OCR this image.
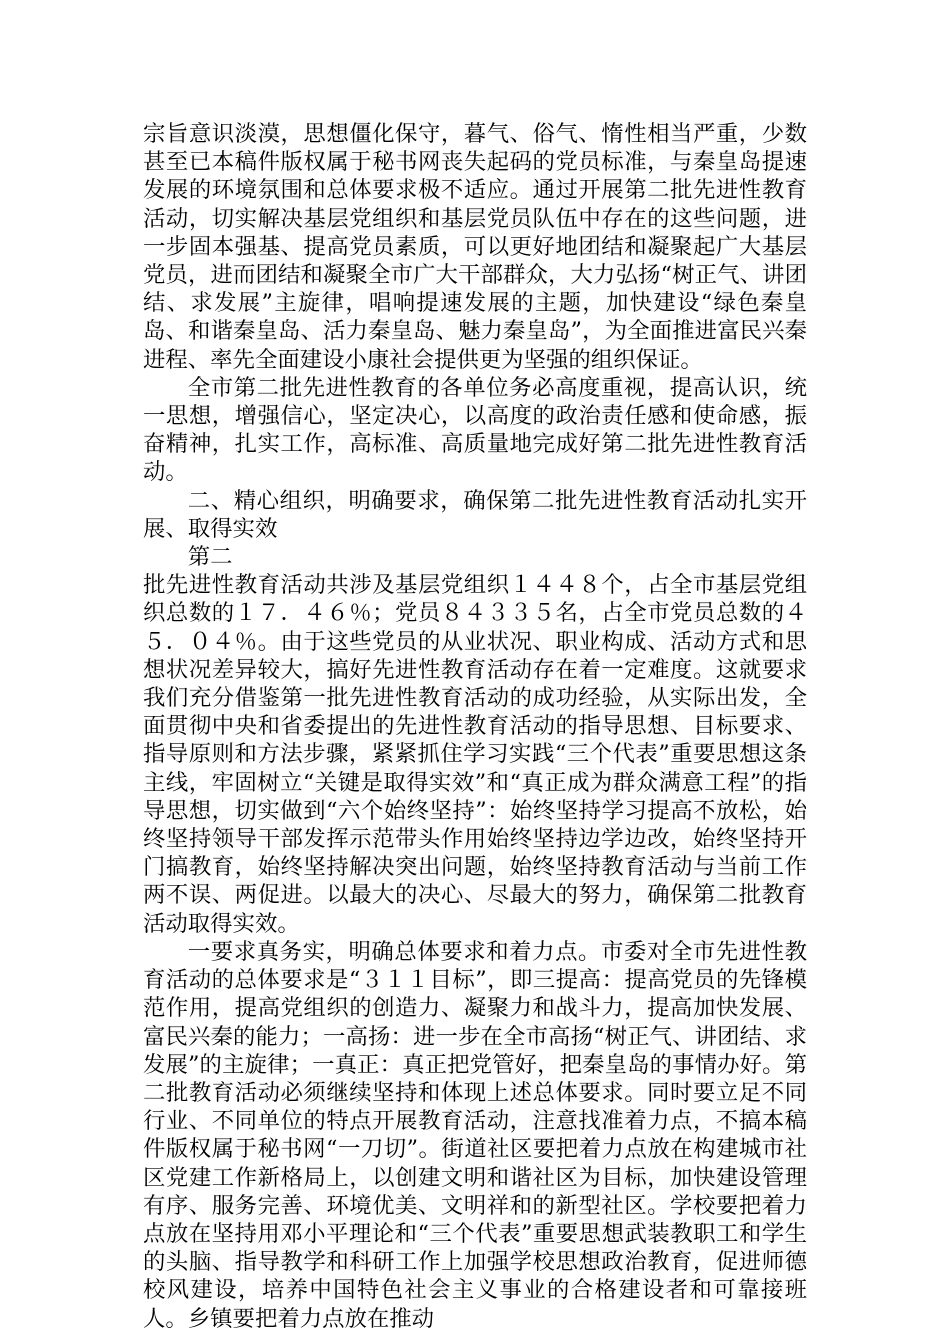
宗旨意识淡漠，思想僵化保守，暮气、俗气、惰性相当严重，少数甚至已本稿件版权属于秘书网丧失起码的党员标准，与秦皇岛提速发展的环境氛围和总体要求极不适应。通过开展第二批先进性教育活动，切实解决基层党组织和基层党员队伍中存在的这些问题，进一步固本强基、提高党员素质，可以更好地团结和凝聚起广大基层党员，进而团结和凝聚全市广大干部群众，大力弘扬“树正气、讲团结、求发展”主旋律，唱响提速发展的主题，加快建设“绿色秦皇岛、和谐秦皇岛、活力秦皇岛、魅力秦皇岛”，为全面推进富民兴秦进程、率先全面建设小康社会提供更为坚强的组织保证。

全市第二批先进性教育的各单位务必高度重视，提高认识，统一思想，增强信心，坚定决心，以高度的政治责任感和使命感，振奋精神，扎实工作，高标准、高质量地完成好第二批先进性教育活动。

二、精心组织，明确要求，确保第二批先进性教育活动扎实开展、取得实效

第二

批先进性教育活动共涉及基层党组织１４４８个，占全市基层党组织总数的１７．４６％；党员８４３３５名，占全市党员总数的４５．０４％。由于这些党员的从业状况、职业构成、活动方式和思想状况差异较大，搞好先进性教育活动存在着一定难度。这就要求我们充分借鉴第一批先进性教育活动的成功经验，从实际出发，全面贯彻中央和省委提出的先进性教育活动的指导思想、目标要求、指导原则和方法步骤，紧紧抓住学习实践“三个代表”重要思想这条主线，牢固树立“关键是取得实效”和“真正成为群众满意工程”的指导思想，切实做到“六个始终坚持”：始终坚持学习提高不放松，始终坚持领导干部发挥示范带头作用始终坚持边学边改，始终坚持开门搞教育，始终坚持解决突出问题，始终坚持教育活动与当前工作两不误、两促进。以最大的决心、尽最大的努力，确保第二批教育活动取得实效。

一要求真务实，明确总体要求和着力点。市委对全市先进性教育活动的总体要求是“３１１目标”，即三提高：提高党员的先锋模范作用，提高党组织的创造力、凝聚力和战斗力，提高加快发展、富民兴秦的能力；一高扬：进一步在全市高扬“树正气、讲团结、求发展”的主旋律；一真正：真正把党管好，把秦皇岛的事情办好。第二批教育活动必须继续坚持和体现上述总体要求。同时要立足不同行业、不同单位的特点开展教育活动，注意找准着力点，不搞本稿件版权属于秘书网“一刀切”。街道社区要把着力点放在构建城市社区党建工作新格局上，以创建文明和谐社区为目标，加快建设管理有序、服务完善、环境优美、文明祥和的新型社区。学校要把着力点放在坚持用邓小平理论和“三个代表”重要思想武装教职工和学生的头脑、指导教学和科研工作上加强学校思想政治教育，促进师德校风建设，培养中国特色社会主义事业的合格建设者和可靠接班人。乡镇要把着力点放在推动
